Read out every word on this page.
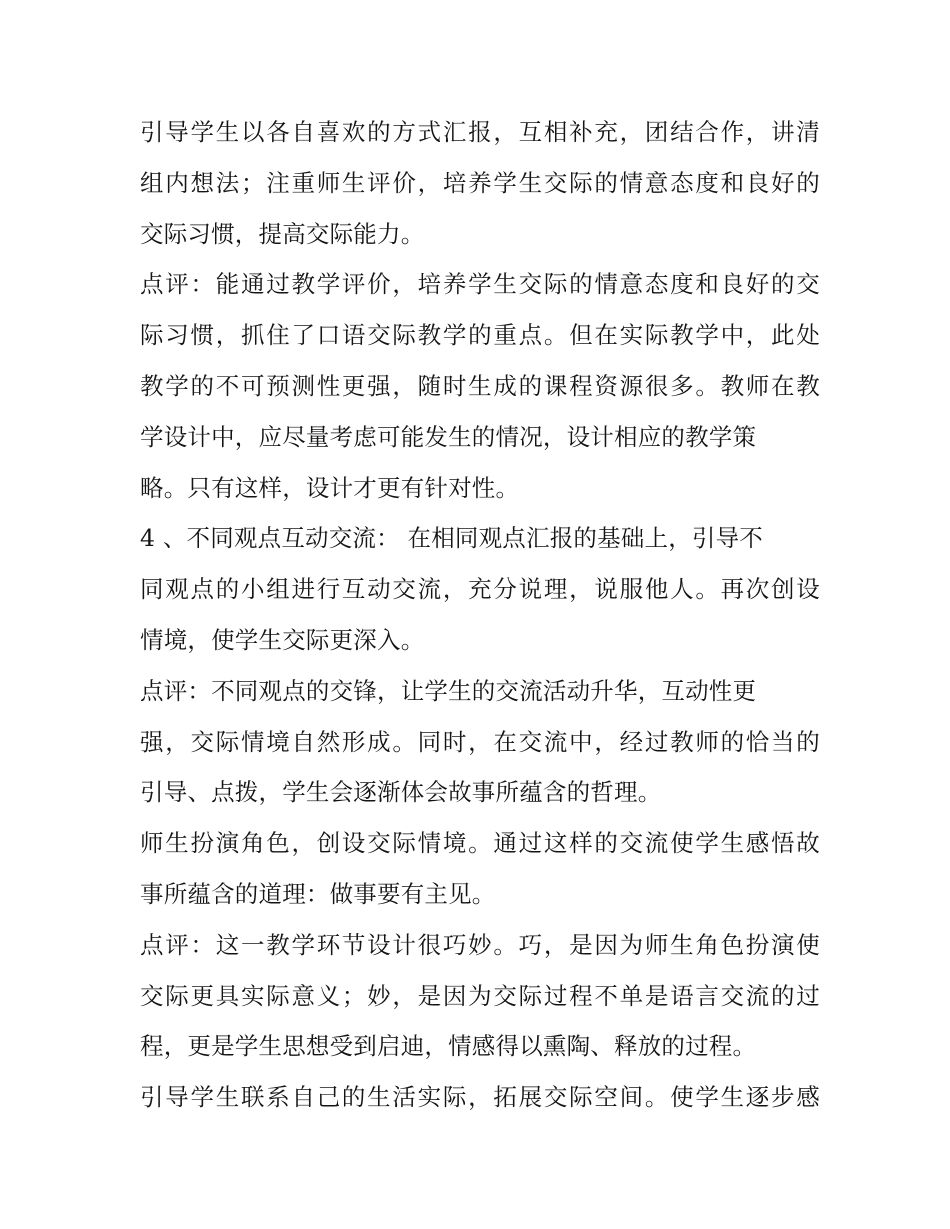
引导学生以各自喜欢的方式汇报，互相补充，团结合作，讲清
组内想法；注重师生评价，培养学生交际的情意态度和良好的
交际习惯，提高交际能力。
点评：能通过教学评价，培养学生交际的情意态度和良好的交
际习惯，抓住了口语交际教学的重点。但在实际教学中，此处
教学的不可预测性更强，随时生成的课程资源很多。教师在教
学设计中，应尽量考虑可能发生的情况，设计相应的教学策
略。只有这样，设计才更有针对性。
4 、不同观点互动交流： 在相同观点汇报的基础上，引导不
同观点的小组进行互动交流，充分说理，说服他人。再次创设
情境，使学生交际更深入。
点评：不同观点的交锋，让学生的交流活动升华，互动性更
强，交际情境自然形成。同时，在交流中，经过教师的恰当的
引导、点拨，学生会逐渐体会故事所蕴含的哲理。
师生扮演角色，创设交际情境。通过这样的交流使学生感悟故
事所蕴含的道理：做事要有主见。
点评：这一教学环节设计很巧妙。巧，是因为师生角色扮演使
交际更具实际意义；妙，是因为交际过程不单是语言交流的过
程，更是学生思想受到启迪，情感得以熏陶、释放的过程。
引导学生联系自己的生活实际，拓展交际空间。使学生逐步感
